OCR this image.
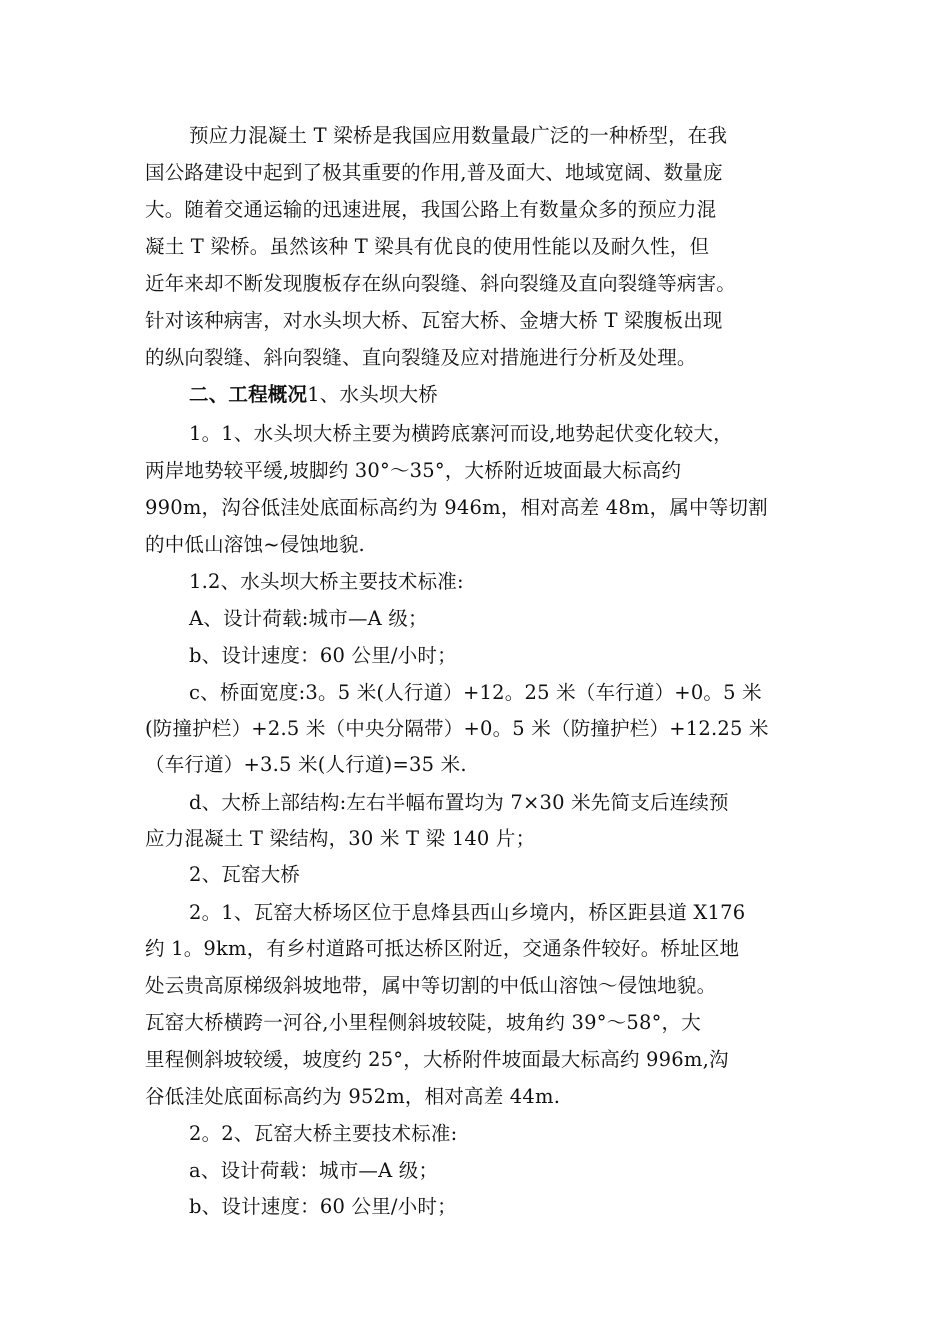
预应力混凝土 T 梁桥是我国应用数量最广泛的一种桥型，在我
国公路建设中起到了极其重要的作用,普及面大、地域宽阔、数量庞
大。随着交通运输的迅速进展，我国公路上有数量众多的预应力混
凝土 T 梁桥。虽然该种 T 梁具有优良的使用性能以及耐久性，但
近年来却不断发现腹板存在纵向裂缝、斜向裂缝及直向裂缝等病害。
针对该种病害，对水头坝大桥、瓦窑大桥、金塘大桥 T 梁腹板出现
的纵向裂缝、斜向裂缝、直向裂缝及应对措施进行分析及处理。
二、工程概况1、水头坝大桥
1。1、水头坝大桥主要为横跨底寨河而设,地势起伏变化较大，
两岸地势较平缓,坡脚约 30°～35°，大桥附近坡面最大标高约
990m，沟谷低洼处底面标高约为 946m，相对高差 48m，属中等切割
的中低山溶蚀~侵蚀地貌.
1.2、水头坝大桥主要技术标准:
A、设计荷载:城市—A 级；
b、设计速度：60 公里/小时；
c、桥面宽度:3。5 米(人行道）+12。25 米（车行道）+0。5 米
(防撞护栏）+2.5 米（中央分隔带）+0。5 米（防撞护栏）+12.25 米
（车行道）+3.5 米(人行道)=35 米.
d、大桥上部结构:左右半幅布置均为 7×30 米先简支后连续预
应力混凝土 T 梁结构，30 米 T 梁 140 片；
2、瓦窑大桥
2。1、瓦窑大桥场区位于息烽县西山乡境内，桥区距县道 X176
约 1。9km，有乡村道路可抵达桥区附近，交通条件较好。桥址区地
处云贵高原梯级斜坡地带，属中等切割的中低山溶蚀～侵蚀地貌。
瓦窑大桥横跨一河谷,小里程侧斜坡较陡，坡角约 39°～58°，大
里程侧斜坡较缓，坡度约 25°，大桥附件坡面最大标高约 996m,沟
谷低洼处底面标高约为 952m，相对高差 44m.
2。2、瓦窑大桥主要技术标准:
a、设计荷载：城市—A 级；
b、设计速度：60 公里/小时；
